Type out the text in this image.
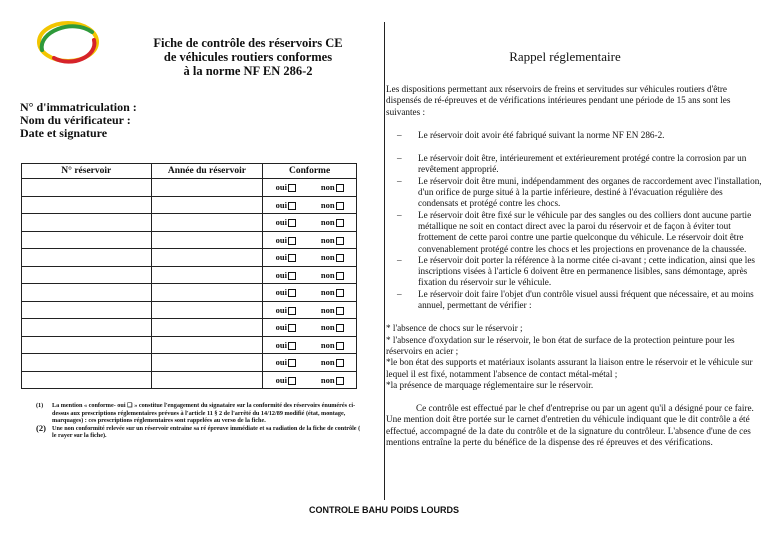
Fiche de contrôle des réservoirs CE
de véhicules routiers conformes
à la norme NF EN 286-2
N° d'immatriculation :
Nom du vérificateur :
Date et signature
N° réservoir	Année du réservoir	Conforme

		oui non

		oui non

		oui non

		oui non

		oui non

		oui non

		oui non

		oui non

		oui non

		oui non

		oui non

		oui non
(1)	La mention « conforme- oui ❑ » constitue l'engagement du signataire sur la conformité des réservoirs énumérés ci-dessus aux prescriptions réglementaires prévues à l'article 11 § 2 de l'arrêté du 14/12/89 modifié (état, montage, marquages) : ces prescriptions réglementaires sont rappelées au verso de la fiche.
(2) Une non conformité relevée sur un réservoir entraine sa ré épreuve immédiate et sa radiation de la fiche de contrôle ( le rayer sur la fiche).
Rappel réglementaire

Les dispositions permettant aux réservoirs de freins et servitudes sur véhicules routiers d'être dispensés de ré-épreuves et de vérifications intérieures pendant une période de 15 ans sont les suivantes :

– Le réservoir doit avoir été fabriqué suivant la norme NF EN 286-2.
– Le réservoir doit être, intérieurement et extérieurement protégé contre la corrosion par un revêtement approprié.
– Le réservoir doit être muni, indépendamment des organes de raccordement avec l'installation, d'un orifice de purge situé à la partie inférieure, destiné à l'évacuation régulière des condensats et protégé contre les chocs.
– Le réservoir doit être fixé sur le véhicule par des sangles ou des colliers dont aucune partie métallique ne soit en contact direct avec la paroi du réservoir et de façon à éviter tout frottement de cette paroi contre une partie quelconque du véhicule. Le réservoir doit être convenablement protégé contre les chocs et les projections en provenance de la chaussée.
– Le réservoir doit porter la référence à la norme citée ci-avant ; cette indication, ainsi que les inscriptions visées à l'article 6 doivent être en permanence lisibles, sans démontage, après fixation du réservoir sur le véhicule.
– Le réservoir doit faire l'objet d'un contrôle visuel aussi fréquent que nécessaire, et au moins annuel, permettant de vérifier :

* l'absence de chocs sur le réservoir ;

* l'absence d'oxydation sur le réservoir, le bon état de surface de la protection peinture pour les réservoirs en acier ;

*le bon état des supports et matériaux isolants assurant la liaison entre le réservoir et le véhicule sur lequel il est fixé, notamment l'absence de contact métal-métal ;

*la présence de marquage réglementaire sur le réservoir.

Ce contrôle est effectué par le chef d'entreprise ou par un agent qu'il a désigné pour ce faire. Une mention doit être portée sur le carnet d'entretien du véhicule indiquant que le dit contrôle a été effectué, accompagné de la date du contrôle et de la signature du contrôleur. L'absence d'une de ces mentions entraîne la perte du bénéfice de la dispense des ré épreuves et des vérifications.

CONTROLE BAHU POIDS LOURDS
